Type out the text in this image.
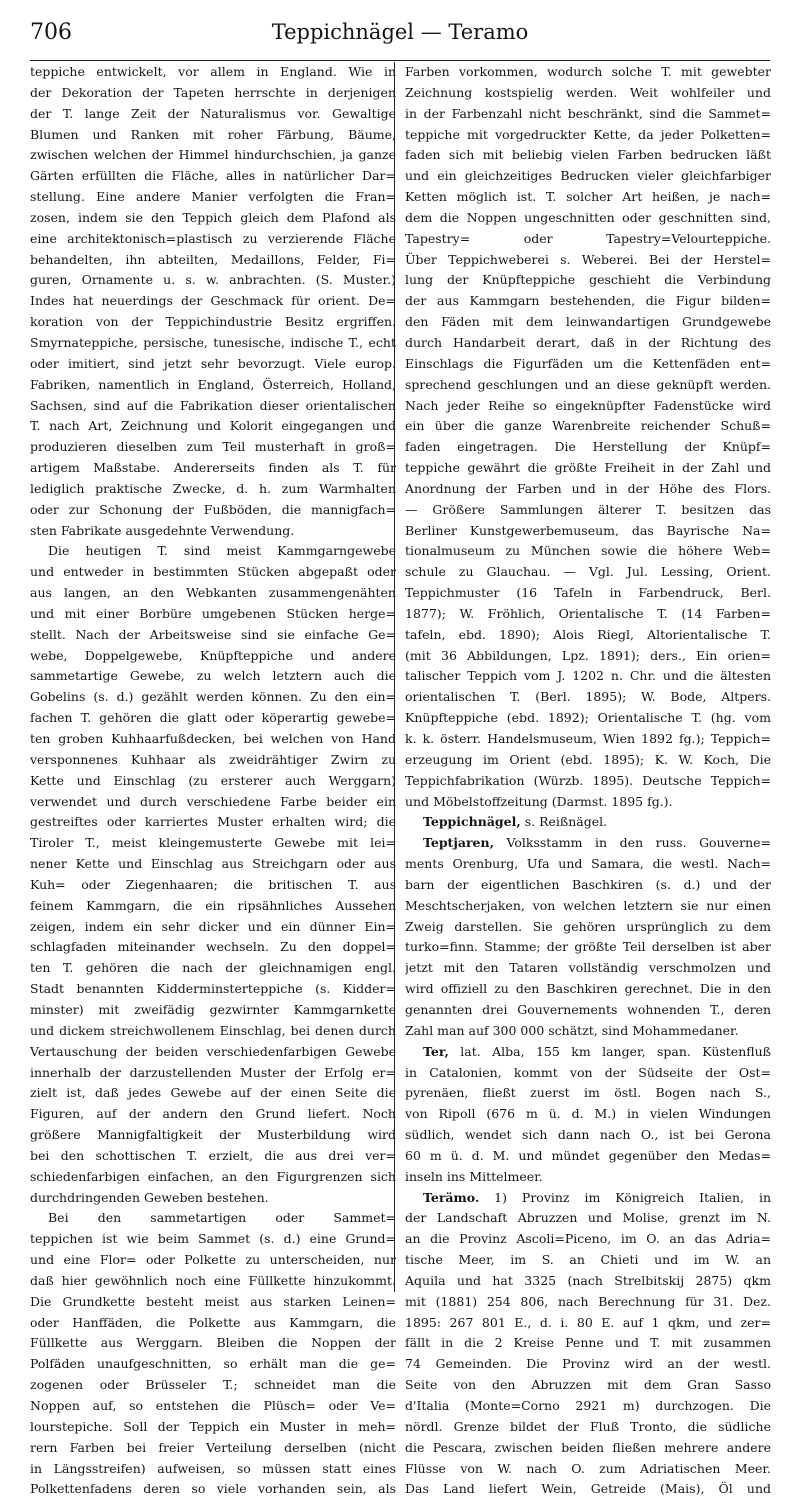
706	Teppichnägel — Teramo
teppiche entwickelt, vor allem in England. Wie in
der Dekoration der Tapeten herrschte in derjenigen
der T. lange Zeit der Naturalismus vor. Gewaltige
Blumen und Ranken mit roher Färbung, Bäume,
zwischen welchen der Himmel hindurchschien, ja ganze
Gärten erfüllten die Fläche, alles in natürlicher Dar=
stellung. Eine andere Manier verfolgten die Fran=
zosen, indem sie den Teppich gleich dem Plafond als
eine architektonisch=plastisch zu verzierende Fläche
behandelten, ihn abteilten, Medaillons, Felder, Fi=
guren, Ornamente u. s. w. anbrachten. (S. Muster.)
Indes hat neuerdings der Geschmack für orient. De=
koration von der Teppichindustrie Besitz ergriffen.
Smyrnateppiche, persische, tunesische, indische T., echt
oder imitiert, sind jetzt sehr bevorzugt. Viele europ.
Fabriken, namentlich in England, Österreich, Holland,
Sachsen, sind auf die Fabrikation dieser orientalischen
T. nach Art, Zeichnung und Kolorit eingegangen und
produzieren dieselben zum Teil musterhaft in groß=
artigem Maßstabe. Andererseits finden als T. für
lediglich praktische Zwecke, d. h. zum Warmhalten
oder zur Schonung der Fußböden, die mannigfach=
sten Fabrikate ausgedehnte Verwendung.
Die heutigen T. sind meist Kammgarngewebe
und entweder in bestimmten Stücken abgepaßt oder
aus langen, an den Webkanten zusammengenähten
und mit einer Borbüre umgebenen Stücken herge=
stellt. Nach der Arbeitsweise sind sie einfache Ge=
webe, Doppelgewebe, Knüpfteppiche und andere
sammetartige Gewebe, zu welch letztern auch die
Gobelins (s. d.) gezählt werden können. Zu den ein=
fachen T. gehören die glatt oder köperartig gewebe=
ten groben Kuhhaarfußdecken, bei welchen von Hand
versponnenes Kuhhaar als zweidrähtiger Zwirn zu
Kette und Einschlag (zu ersterer auch Werggarn)
verwendet und durch verschiedene Farbe beider ein
gestreiftes oder karriertes Muster erhalten wird; die
Tiroler T., meist kleingemusterte Gewebe mit lei=
nener Kette und Einschlag aus Streichgarn oder aus
Kuh= oder Ziegenhaaren; die britischen T. aus
feinem Kammgarn, die ein ripsähnliches Aussehen
zeigen, indem ein sehr dicker und ein dünner Ein=
schlagfaden miteinander wechseln. Zu den doppel=
ten T. gehören die nach der gleichnamigen engl.
Stadt benannten Kidderminsterteppiche (s. Kidder=
minster) mit zweifädig gezwirnter Kammgarnkette
und dickem streichwollenem Einschlag, bei denen durch
Vertauschung der beiden verschiedenfarbigen Gewebe
innerhalb der darzustellenden Muster der Erfolg er=
zielt ist, daß jedes Gewebe auf der einen Seite die
Figuren, auf der andern den Grund liefert. Noch
größere Mannigfaltigkeit der Musterbildung wird
bei den schottischen T. erzielt, die aus drei ver=
schiedenfarbigen einfachen, an den Figurgrenzen sich
durchdringenden Geweben bestehen.
Bei den sammetartigen oder Sammet=
teppichen ist wie beim Sammet (s. d.) eine Grund=
und eine Flor= oder Polkette zu unterscheiden, nur
daß hier gewöhnlich noch eine Füllkette hinzukommt.
Die Grundkette besteht meist aus starken Leinen=
oder Hanffäden, die Polkette aus Kammgarn, die
Füllkette aus Werggarn. Bleiben die Noppen der
Polfäden unaufgeschnitten, so erhält man die ge=
zogenen oder Brüsseler T.; schneidet man die
Noppen auf, so entstehen die Plüsch= oder Ve=
lourstepiche. Soll der Teppich ein Muster in meh=
rern Farben bei freier Verteilung derselben (nicht
in Längsstreifen) aufweisen, so müssen statt eines
Polkettenfadens deren so viele vorhanden sein, als
Farben vorkommen, wodurch solche T. mit gewebter
Zeichnung kostspielig werden. Weit wohlfeiler und
in der Farbenzahl nicht beschränkt, sind die Sammet=
teppiche mit vorgedruckter Kette, da jeder Polketten=
faden sich mit beliebig vielen Farben bedrucken läßt
und ein gleichzeitiges Bedrucken vieler gleichfarbiger
Ketten möglich ist. T. solcher Art heißen, je nach=
dem die Noppen ungeschnitten oder geschnitten sind,
Tapestry= oder Tapestry=Velourteppiche.
Über Teppichweberei s. Weberei. Bei der Herstel=
lung der Knüpfteppiche geschieht die Verbindung
der aus Kammgarn bestehenden, die Figur bilden=
den Fäden mit dem leinwandartigen Grundgewebe
durch Handarbeit derart, daß in der Richtung des
Einschlags die Figurfäden um die Kettenfäden ent=
sprechend geschlungen und an diese geknüpft werden.
Nach jeder Reihe so eingeknüpfter Fadenstücke wird
ein über die ganze Warenbreite reichender Schuß=
faden eingetragen. Die Herstellung der Knüpf=
teppiche gewährt die größte Freiheit in der Zahl und
Anordnung der Farben und in der Höhe des Flors.
— Größere Sammlungen älterer T. besitzen das
Berliner Kunstgewerbemuseum, das Bayrische Na=
tionalmuseum zu München sowie die höhere Web=
schule zu Glauchau. — Vgl. Jul. Lessing, Orient.
Teppichmuster (16 Tafeln in Farbendruck, Berl.
1877); W. Fröhlich, Orientalische T. (14 Farben=
tafeln, ebd. 1890); Alois Riegl, Altorientalische T.
(mit 36 Abbildungen, Lpz. 1891); ders., Ein orien=
talischer Teppich vom J. 1202 n. Chr. und die ältesten
orientalischen T. (Berl. 1895); W. Bode, Altpers.
Knüpfteppiche (ebd. 1892); Orientalische T. (hg. vom
k. k. österr. Handelsmuseum, Wien 1892 fg.); Teppich=
erzeugung im Orient (ebd. 1895); K. W. Koch, Die
Teppichfabrikation (Würzb. 1895). Deutsche Teppich=
und Möbelstoffzeitung (Darmst. 1895 fg.).
Teppichnägel, s. Reißnägel.
Teptjaren, Volksstamm in den russ. Gouverne=
ments Orenburg, Ufa und Samara, die westl. Nach=
barn der eigentlichen Baschkiren (s. d.) und der
Meschtscherjaken, von welchen letztern sie nur einen
Zweig darstellen. Sie gehören ursprünglich zu dem
turko=finn. Stamme; der größte Teil derselben ist aber
jetzt mit den Tataren vollständig verschmolzen und
wird offiziell zu den Baschkiren gerechnet. Die in den
genannten drei Gouvernements wohnenden T., deren
Zahl man auf 300 000 schätzt, sind Mohammedaner.
Ter, lat. Alba, 155 km langer, span. Küstenfluß
in Catalonien, kommt von der Südseite der Ost=
pyrenäen, fließt zuerst im östl. Bogen nach S.,
von Ripoll (676 m ü. d. M.) in vielen Windungen
südlich, wendet sich dann nach O., ist bei Gerona
60 m ü. d. M. und mündet gegenüber den Medas=
inseln ins Mittelmeer.
Terämo. 1) Provinz im Königreich Italien, in
der Landschaft Abruzzen und Molise, grenzt im N.
an die Provinz Ascoli=Piceno, im O. an das Adria=
tische Meer, im S. an Chieti und im W. an
Aquila und hat 3325 (nach Strelbitskij 2875) qkm
mit (1881) 254 806, nach Berechnung für 31. Dez.
1895: 267 801 E., d. i. 80 E. auf 1 qkm, und zer=
fällt in die 2 Kreise Penne und T. mit zusammen
74 Gemeinden. Die Provinz wird an der westl.
Seite von den Abruzzen mit dem Gran Sasso
d'Italia (Monte=Corno 2921 m) durchzogen. Die
nördl. Grenze bildet der Fluß Tronto, die südliche
die Pescara, zwischen beiden fließen mehrere andere
Flüsse von W. nach O. zum Adriatischen Meer.
Das Land liefert Wein, Getreide (Mais), Öl und
